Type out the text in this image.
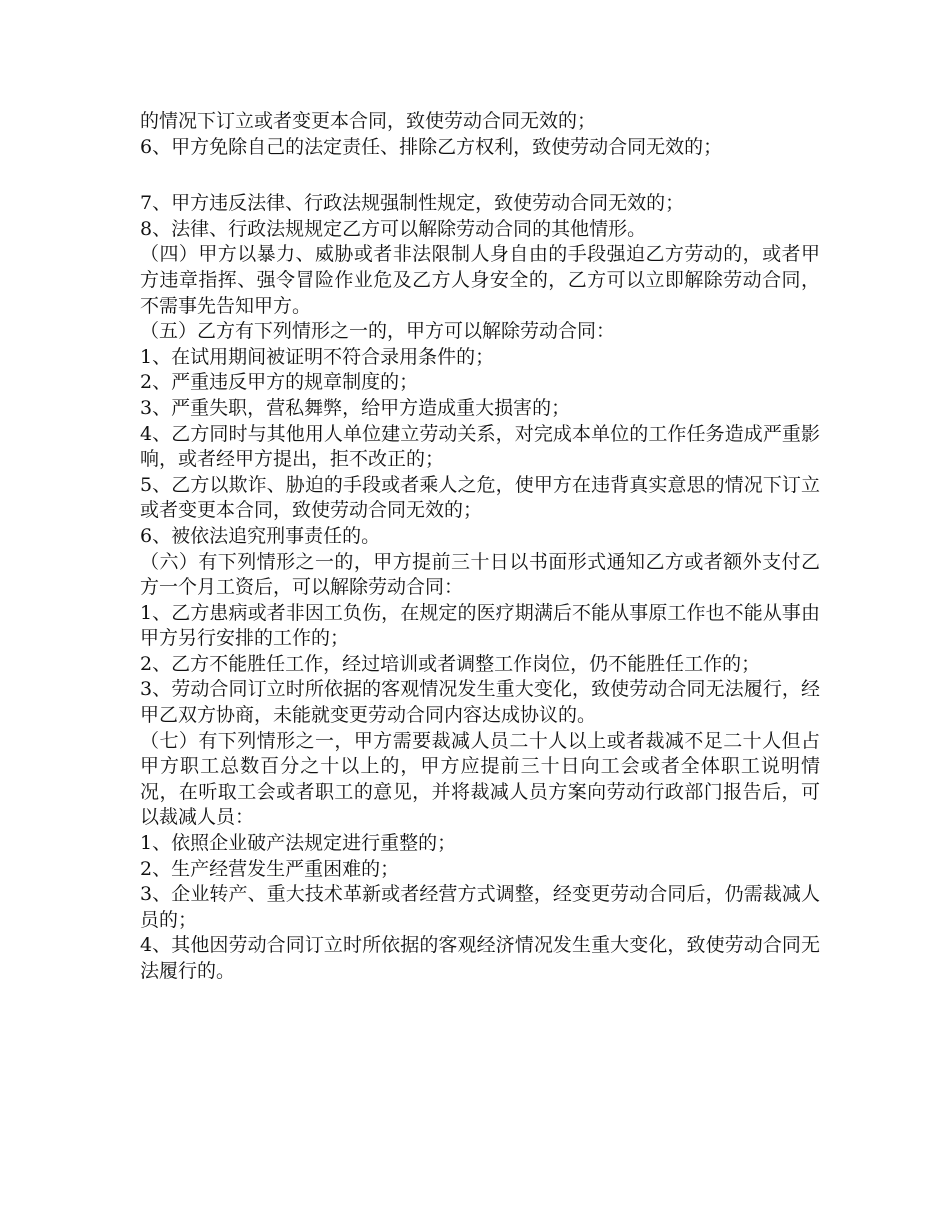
的情况下订立或者变更本合同，致使劳动合同无效的；

6、甲方免除自己的法定责任、排除乙方权利，致使劳动合同无效的；

7、甲方违反法律、行政法规强制性规定，致使劳动合同无效的；

8、法律、行政法规规定乙方可以解除劳动合同的其他情形。

（四）甲方以暴力、威胁或者非法限制人身自由的手段强迫乙方劳动的，或者甲方违章指挥、强令冒险作业危及乙方人身安全的，乙方可以立即解除劳动合同，不需事先告知甲方。

（五）乙方有下列情形之一的，甲方可以解除劳动合同：

1、在试用期间被证明不符合录用条件的；

2、严重违反甲方的规章制度的；

3、严重失职，营私舞弊，给甲方造成重大损害的；

4、乙方同时与其他用人单位建立劳动关系，对完成本单位的工作任务造成严重影响，或者经甲方提出，拒不改正的；

5、乙方以欺诈、胁迫的手段或者乘人之危，使甲方在违背真实意思的情况下订立或者变更本合同，致使劳动合同无效的；

6、被依法追究刑事责任的。

（六）有下列情形之一的，甲方提前三十日以书面形式通知乙方或者额外支付乙方一个月工资后，可以解除劳动合同：

1、乙方患病或者非因工负伤，在规定的医疗期满后不能从事原工作也不能从事由甲方另行安排的工作的；

2、乙方不能胜任工作，经过培训或者调整工作岗位，仍不能胜任工作的；

3、劳动合同订立时所依据的客观情况发生重大变化，致使劳动合同无法履行，经甲乙双方协商，未能就变更劳动合同内容达成协议的。

（七）有下列情形之一，甲方需要裁减人员二十人以上或者裁减不足二十人但占甲方职工总数百分之十以上的，甲方应提前三十日向工会或者全体职工说明情况，在听取工会或者职工的意见，并将裁减人员方案向劳动行政部门报告后，可以裁减人员：

1、依照企业破产法规定进行重整的；

2、生产经营发生严重困难的；

3、企业转产、重大技术革新或者经营方式调整，经变更劳动合同后，仍需裁减人员的；

4、其他因劳动合同订立时所依据的客观经济情况发生重大变化，致使劳动合同无法履行的。
